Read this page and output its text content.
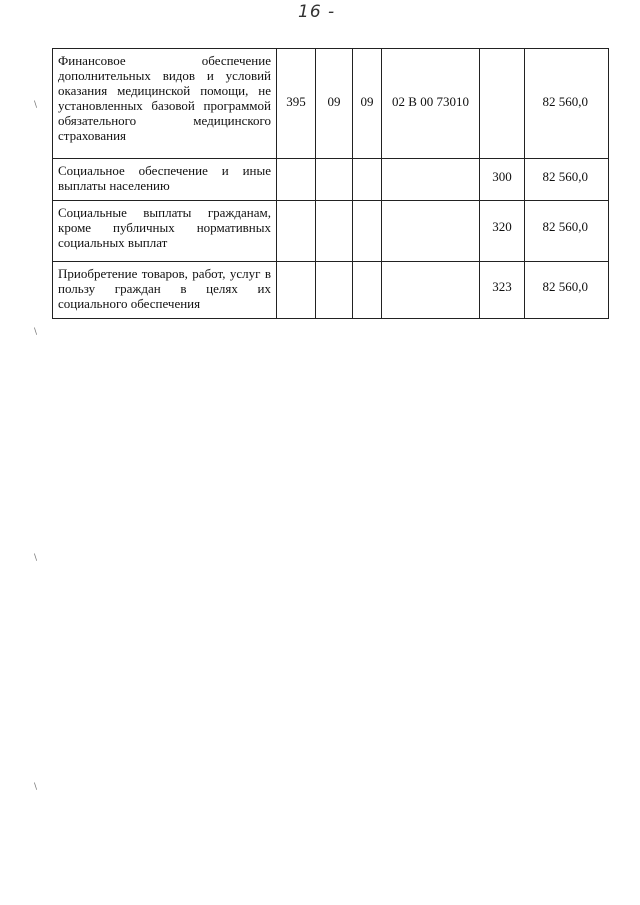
16 -
Финансовое обеспечение дополнительных видов и условий оказания медицинской помощи, не установленных базовой программой обязательного медицинского страхования	395	09	09	02 В 00 73010		82 560,0
Социальное обеспечение и иные выплаты населению					300	82 560,0
Социальные выплаты гражданам, кроме публичных нормативных социальных выплат					320	82 560,0
Приобретение товаров, работ, услуг в пользу граждан в целях их социального обеспечения					323	82 560,0
\
\
\
\
